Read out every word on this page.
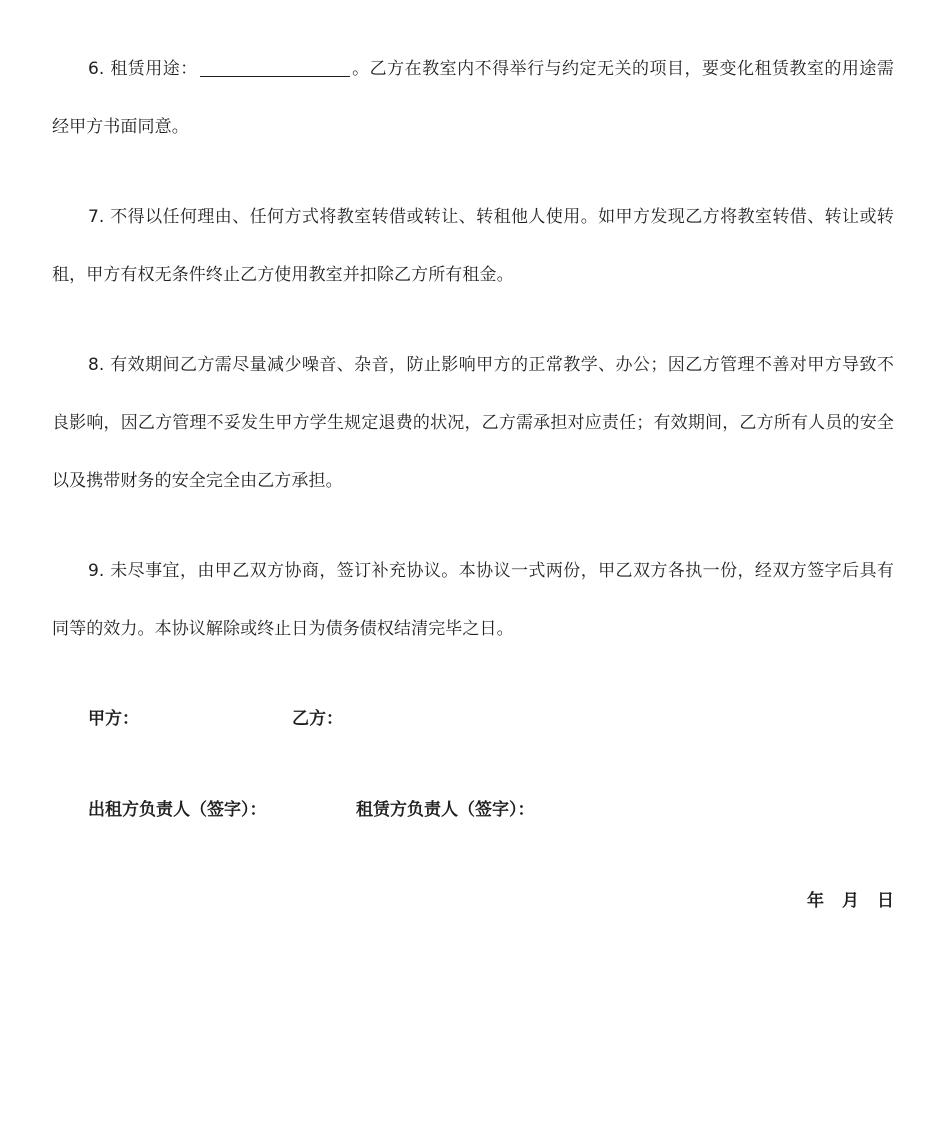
6. 租赁用途：	。乙方在教室内不得举行与约定无关的项目，要变化租赁教室的用途需经甲方书面同意。

7. 不得以任何理由、任何方式将教室转借或转让、转租他人使用。如甲方发现乙方将教室转借、转让或转租，甲方有权无条件终止乙方使用教室并扣除乙方所有租金。

8. 有效期间乙方需尽量减少噪音、杂音，防止影响甲方的正常教学、办公；因乙方管理不善对甲方导致不良影响，因乙方管理不妥发生甲方学生规定退费的状况，乙方需承担对应责任；有效期间，乙方所有人员的安全以及携带财务的安全完全由乙方承担。

9. 未尽事宜，由甲乙双方协商，签订补充协议。本协议一式两份，甲乙双方各执一份，经双方签字后具有同等的效力。本协议解除或终止日为债务债权结清完毕之日。

甲方：	乙方：
出租方负责人（签字）：	租赁方负责人（签字）：
年 月 日
